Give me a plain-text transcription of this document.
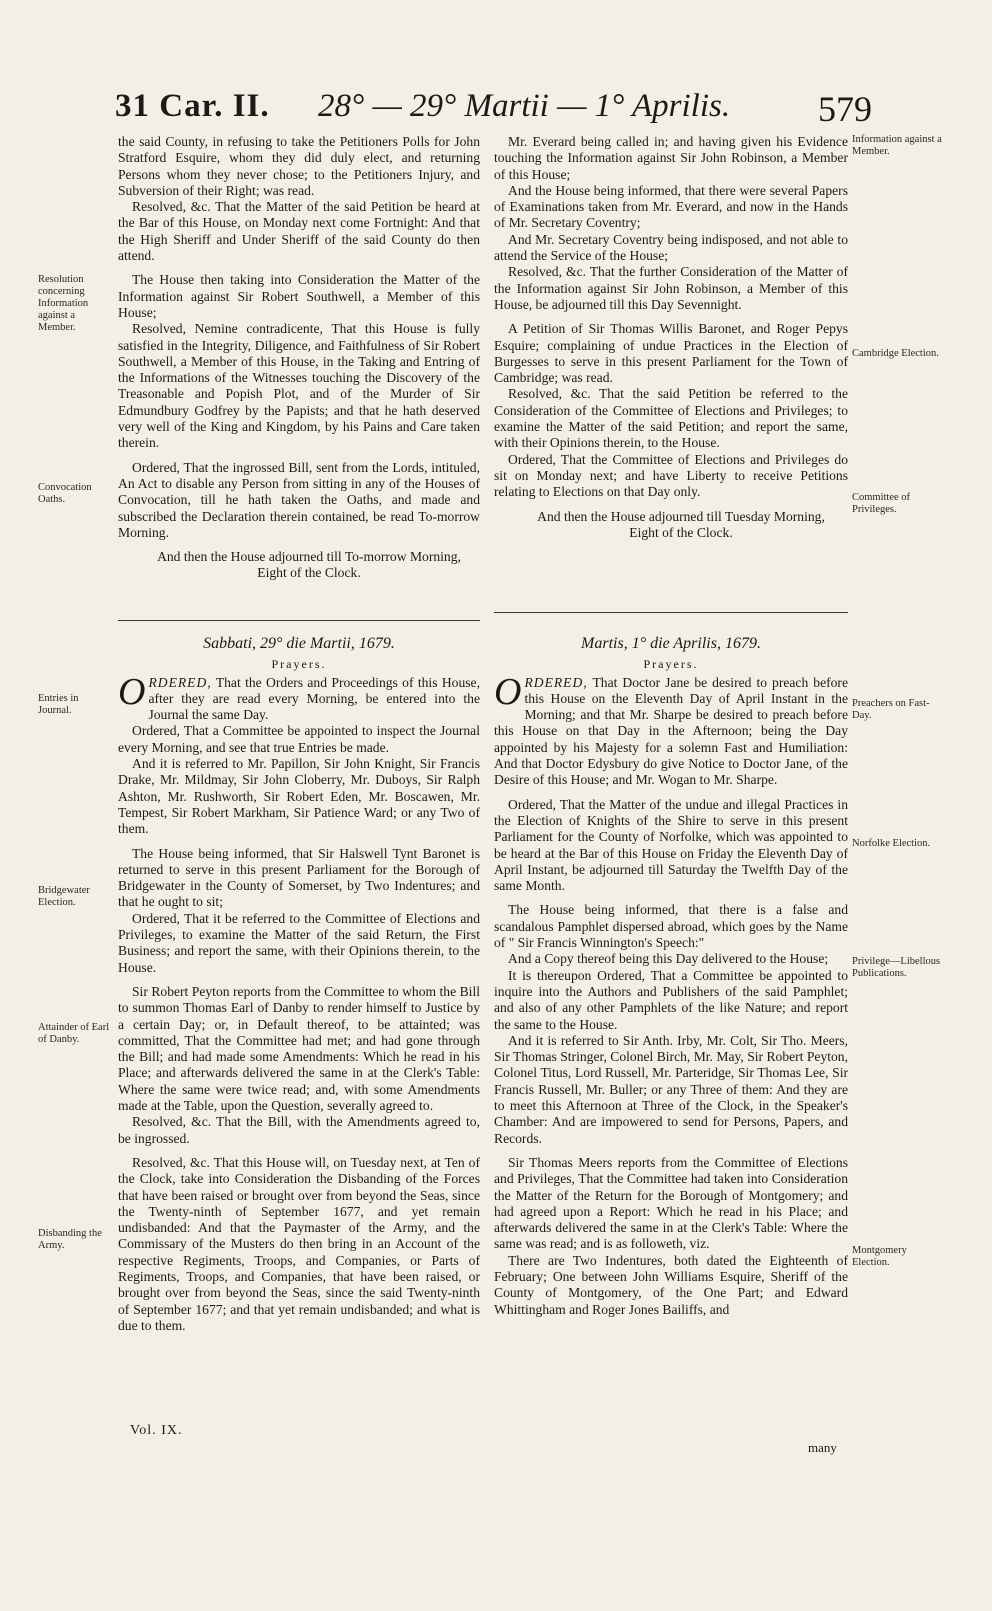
31 Car. II. 28° — 29° Martii — 1° Aprilis. 579
Resolution concerning Information against a Member.
Convocation Oaths.
Entries in Journal.
Bridgewater Election.
Attainder of Earl of Danby.
Disbanding the Army.
Information against a Member.
Cambridge Election.
Committee of Privileges.
Preachers on Fast-Day.
Norfolke Election.
Privilege—Libellous Publications.
Montgomery Election.

the said County, in refusing to take the Petitioners Polls for John Stratford Esquire, whom they did duly elect, and returning Persons whom they never chose; to the Petitioners Injury, and Subversion of their Right; was read.

Resolved, &c. That the Matter of the said Petition be heard at the Bar of this House, on Monday next come Fortnight: And that the High Sheriff and Under Sheriff of the said County do then attend.

The House then taking into Consideration the Matter of the Information against Sir Robert Southwell, a Member of this House;

Resolved, Nemine contradicente, That this House is fully satisfied in the Integrity, Diligence, and Faithfulness of Sir Robert Southwell, a Member of this House, in the Taking and Entring of the Informations of the Witnesses touching the Discovery of the Treasonable and Popish Plot, and of the Murder of Sir Edmundbury Godfrey by the Papists; and that he hath deserved very well of the King and Kingdom, by his Pains and Care taken therein.

Ordered, That the ingrossed Bill, sent from the Lords, intituled, An Act to disable any Person from sitting in any of the Houses of Convocation, till he hath taken the Oaths, and made and subscribed the Declaration therein contained, be read To-morrow Morning.

And then the House adjourned till To-morrow Morning, Eight of the Clock.

Sabbati, 29° die Martii, 1679.
Prayers.

ORDERED, That the Orders and Proceedings of this House, after they are read every Morning, be entered into the Journal the same Day.

Ordered, That a Committee be appointed to inspect the Journal every Morning, and see that true Entries be made.

And it is referred to Mr. Papillon, Sir John Knight, Sir Francis Drake, Mr. Mildmay, Sir John Cloberry, Mr. Duboys, Sir Ralph Ashton, Mr. Rushworth, Sir Robert Eden, Mr. Boscawen, Mr. Tempest, Sir Robert Markham, Sir Patience Ward; or any Two of them.

The House being informed, that Sir Halswell Tynt Baronet is returned to serve in this present Parliament for the Borough of Bridgewater in the County of Somerset, by Two Indentures; and that he ought to sit;

Ordered, That it be referred to the Committee of Elections and Privileges, to examine the Matter of the said Return, the First Business; and report the same, with their Opinions therein, to the House.

Sir Robert Peyton reports from the Committee to whom the Bill to summon Thomas Earl of Danby to render himself to Justice by a certain Day; or, in Default thereof, to be attainted; was committed, That the Committee had met; and had gone through the Bill; and had made some Amendments: Which he read in his Place; and afterwards delivered the same in at the Clerk's Table: Where the same were twice read; and, with some Amendments made at the Table, upon the Question, severally agreed to.

Resolved, &c. That the Bill, with the Amendments agreed to, be ingrossed.

Resolved, &c. That this House will, on Tuesday next, at Ten of the Clock, take into Consideration the Disbanding of the Forces that have been raised or brought over from beyond the Seas, since the Twenty-ninth of September 1677, and yet remain undisbanded: And that the Paymaster of the Army, and the Commissary of the Musters do then bring in an Account of the respective Regiments, Troops, and Companies, or Parts of Regiments, Troops, and Companies, that have been raised, or brought over from beyond the Seas, since the said Twenty-ninth of September 1677; and that yet remain undisbanded; and what is due to them.

Mr. Everard being called in; and having given his Evidence touching the Information against Sir John Robinson, a Member of this House;

And the House being informed, that there were several Papers of Examinations taken from Mr. Everard, and now in the Hands of Mr. Secretary Coventry;

And Mr. Secretary Coventry being indisposed, and not able to attend the Service of the House;

Resolved, &c. That the further Consideration of the Matter of the Information against Sir John Robinson, a Member of this House, be adjourned till this Day Sevennight.

A Petition of Sir Thomas Willis Baronet, and Roger Pepys Esquire; complaining of undue Practices in the Election of Burgesses to serve in this present Parliament for the Town of Cambridge; was read.

Resolved, &c. That the said Petition be referred to the Consideration of the Committee of Elections and Privileges; to examine the Matter of the said Petition; and report the same, with their Opinions therein, to the House.

Ordered, That the Committee of Elections and Privileges do sit on Monday next; and have Liberty to receive Petitions relating to Elections on that Day only.

And then the House adjourned till Tuesday Morning, Eight of the Clock.

Martis, 1° die Aprilis, 1679.
Prayers.

ORDERED, That Doctor Jane be desired to preach before this House on the Eleventh Day of April Instant in the Morning; and that Mr. Sharpe be desired to preach before this House on that Day in the Afternoon; being the Day appointed by his Majesty for a solemn Fast and Humiliation: And that Doctor Edysbury do give Notice to Doctor Jane, of the Desire of this House; and Mr. Wogan to Mr. Sharpe.

Ordered, That the Matter of the undue and illegal Practices in the Election of Knights of the Shire to serve in this present Parliament for the County of Norfolke, which was appointed to be heard at the Bar of this House on Friday the Eleventh Day of April Instant, be adjourned till Saturday the Twelfth Day of the same Month.

The House being informed, that there is a false and scandalous Pamphlet dispersed abroad, which goes by the Name of " Sir Francis Winnington's Speech:"

And a Copy thereof being this Day delivered to the House;

It is thereupon Ordered, That a Committee be appointed to inquire into the Authors and Publishers of the said Pamphlet; and also of any other Pamphlets of the like Nature; and report the same to the House.

And it is referred to Sir Anth. Irby, Mr. Colt, Sir Tho. Meers, Sir Thomas Stringer, Colonel Birch, Mr. May, Sir Robert Peyton, Colonel Titus, Lord Russell, Mr. Parteridge, Sir Thomas Lee, Sir Francis Russell, Mr. Buller; or any Three of them: And they are to meet this Afternoon at Three of the Clock, in the Speaker's Chamber: And are impowered to send for Persons, Papers, and Records.

Sir Thomas Meers reports from the Committee of Elections and Privileges, That the Committee had taken into Consideration the Matter of the Return for the Borough of Montgomery; and had agreed upon a Report: Which he read in his Place; and afterwards delivered the same in at the Clerk's Table: Where the same was read; and is as followeth, viz.

There are Two Indentures, both dated the Eighteenth of February; One between John Williams Esquire, Sheriff of the County of Montgomery, of the One Part; and Edward Whittingham and Roger Jones Bailiffs, and

Vol. IX.
many
